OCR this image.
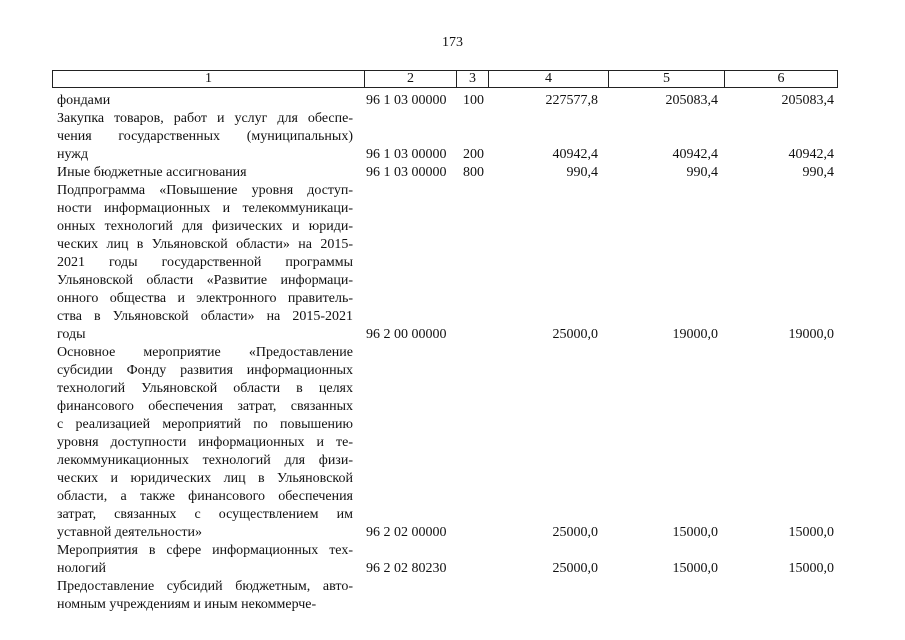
173
1	2	3	4	5	6
фондами	96 1 03 00000	100	227577,8	205083,4	205083,4
Закупка товаров, работ и услуг для обеспе-
чения государственных (муниципальных)
нужд	96 1 03 00000	200	40942,4	40942,4	40942,4
Иные бюджетные ассигнования	96 1 03 00000	800	990,4	990,4	990,4
Подпрограмма «Повышение уровня доступ-
ности информационных и телекоммуникаци-
онных технологий для физических и юриди-
ческих лиц в Ульяновской области» на 2015-
2021 годы государственной программы
Ульяновской области «Развитие информаци-
онного общества и электронного правитель-
ства в Ульяновской области» на 2015-2021
годы	96 2 00 00000	25000,0	19000,0	19000,0
Основное мероприятие «Предоставление
субсидии Фонду развития информационных
технологий Ульяновской области в целях
финансового обеспечения затрат, связанных
с реализацией мероприятий по повышению
уровня доступности информационных и те-
лекоммуникационных технологий для физи-
ческих и юридических лиц в Ульяновской
области, а также финансового обеспечения
затрат, связанных с осуществлением им
уставной деятельности»	96 2 02 00000	25000,0	15000,0	15000,0
Мероприятия в сфере информационных тех-
нологий	96 2 02 80230	25000,0	15000,0	15000,0
Предоставление субсидий бюджетным, авто-
номным учреждениям и иным некоммерче-
